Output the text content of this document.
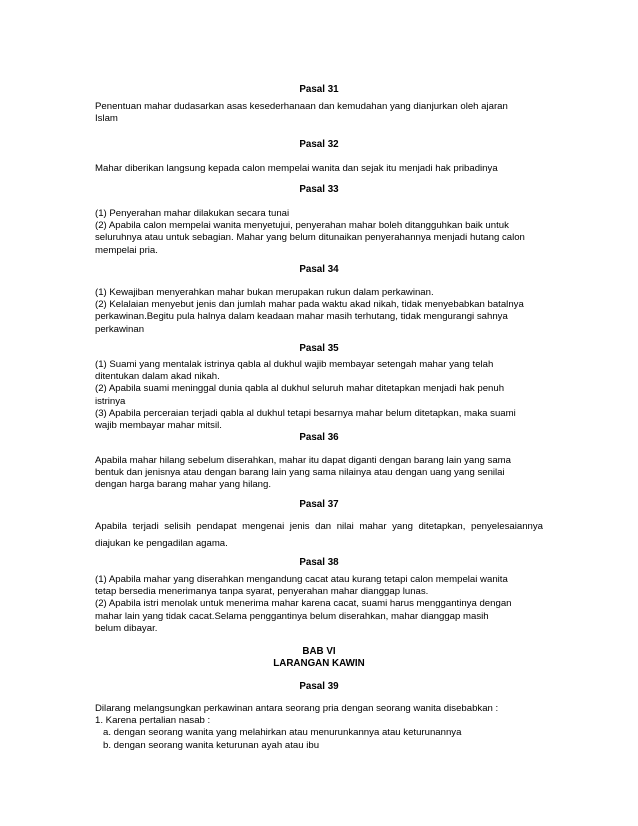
Pasal 31
Penentuan mahar dudasarkan asas kesederhanaan dan kemudahan yang dianjurkan oleh ajaran
Islam
Pasal 32
Mahar diberikan langsung kepada calon mempelai wanita dan sejak itu menjadi hak pribadinya
Pasal 33
(1) Penyerahan mahar dilakukan secara tunai
(2) Apabila calon mempelai wanita menyetujui, penyerahan mahar boleh ditangguhkan baik untuk
seluruhnya atau untuk sebagian. Mahar yang belum ditunaikan penyerahannya menjadi hutang calon
mempelai pria.
Pasal 34
(1) Kewajiban menyerahkan mahar bukan merupakan rukun dalam perkawinan.
(2) Kelalaian menyebut jenis dan jumlah mahar pada waktu akad nikah, tidak menyebabkan batalnya
perkawinan.Begitu pula halnya dalam keadaan mahar masih terhutang, tidak mengurangi sahnya
perkawinan
Pasal 35
(1) Suami yang mentalak istrinya qabla al dukhul wajib membayar setengah mahar yang telah
ditentukan dalam akad nikah.
(2) Apabila suami meninggal dunia qabla al dukhul seluruh mahar ditetapkan menjadi hak penuh
istrinya
(3) Apabila perceraian terjadi qabla al dukhul tetapi besarnya mahar belum ditetapkan, maka suami
wajib membayar mahar mitsil.
Pasal 36
Apabila mahar hilang sebelum diserahkan, mahar itu dapat diganti dengan barang lain yang sama
bentuk dan jenisnya atau dengan barang lain yang sama nilainya atau dengan uang yang senilai
dengan harga barang mahar yang hilang.
Pasal 37
Apabila terjadi selisih pendapat mengenai jenis dan nilai mahar yang ditetapkan, penyelesaiannya
diajukan ke pengadilan agama.
Pasal 38
(1) Apabila mahar yang diserahkan mengandung cacat atau kurang tetapi calon mempelai wanita
tetap bersedia menerimanya tanpa syarat, penyerahan mahar dianggap lunas.
(2) Apabila istri menolak untuk menerima mahar karena cacat, suami harus menggantinya dengan
mahar lain yang tidak cacat.Selama penggantinya belum diserahkan, mahar dianggap masih
belum dibayar.
BAB VI
LARANGAN KAWIN
Pasal 39
Dilarang melangsungkan perkawinan antara seorang pria dengan seorang wanita disebabkan :
1. Karena pertalian nasab :
a. dengan seorang wanita yang melahirkan atau menurunkannya atau keturunannya
b. dengan seorang wanita keturunan ayah atau ibu
